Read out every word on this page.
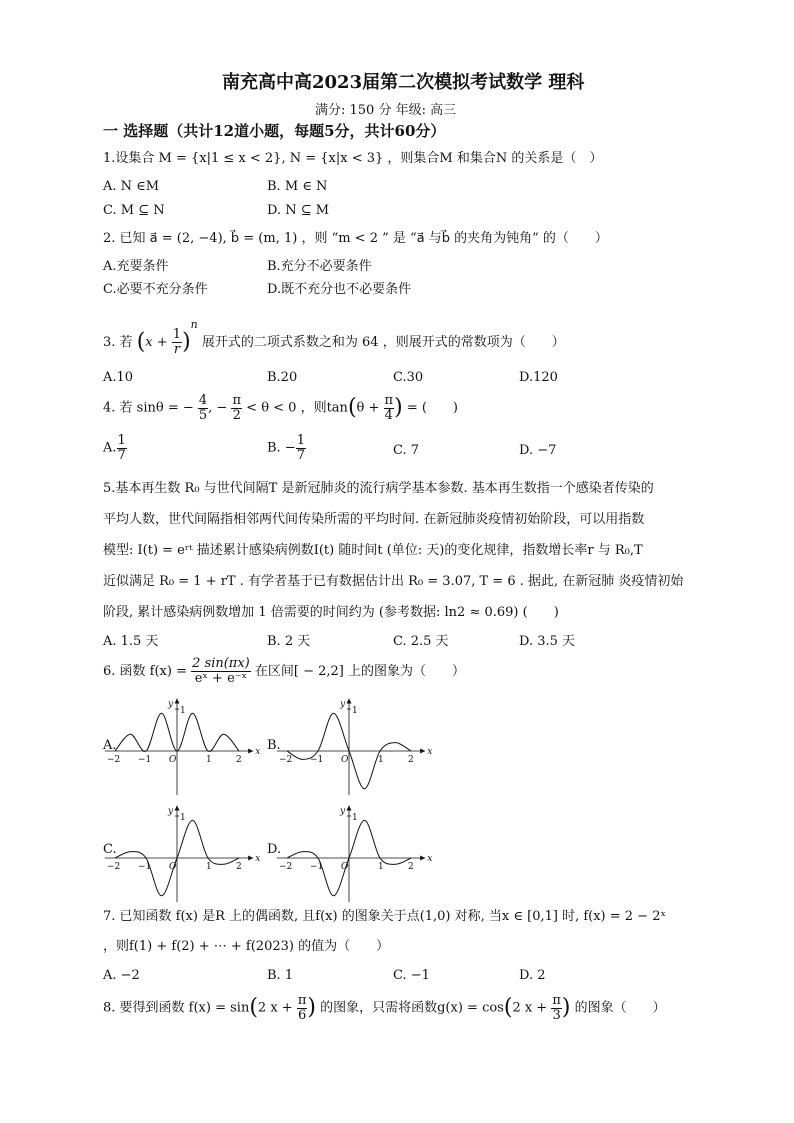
南充高中高2023届第二次模拟考试数学 理科
满分: 150 分 年级: 高三
一 选择题（共计12道小题，每题5分，共计60分）
1.设集合 M = {x|1 ≤ x < 2}, N = {x|x < 3} ，则集合M 和集合N 的关系是（　）
A. N ∈M	B. M ∈ N
C. M ⊆ N	D. N ⊆ M
2. 已知 a⃗ = (2, −4), b⃗ = (m, 1) ，则 “m < 2 ” 是 “a⃗ 与b⃗ 的夹角为钝角” 的（　　）
A.充要条件	B.充分不必要条件
C.必要不充分条件	D.既不充分也不必要条件
3. 若 $(x + \frac{1}{r} )^n$ 展开式的二项式系数之和为 64 ，则展开式的常数项为（　　）
A.10	B.20	C.30	D.120
4. 若 sinθ = − $\frac{4}{5}$ , − $\frac{\pi}{2} < \theta < 0$ ，则$\tan(\theta + \frac{\pi}{4}$ ) = (　　)
A. $\frac{1}{7}$	B. − $\frac{1}{7}$	C. 7	D. −7
5.基本再生数 R₀ 与世代间隔T 是新冠肺炎的流行病学基本参数. 基本再生数指一个感染者传染的
平均人数，世代间隔指相邻两代间传染所需的平均时间. 在新冠肺炎疫情初始阶段，可以用指数
模型: I(t) = eʳᵗ 描述累计感染病例数I(t) 随时间t (单位: 天)的变化规律，指数增长率r 与 R₀,T
近似满足 R₀ = 1 + rT . 有学者基于已有数据估计出 R₀ = 3.07, T = 6 . 据此, 在新冠肺 炎疫情初始
阶段, 累计感染病例数增加 1 倍需要的时间约为 (参考数据: ln2 ≈ 0.69) (　　)
A. 1.5 天	B. 2 天	C. 2.5 天	D. 3.5 天
6. 函数 $f(x) = \frac{2 \sin(\pi x)}{\text{eˣ + e⁻ˣ}}$ 在区间[ − 2,2] 上的图象为（　　）
A.	B.
C.	D.
x
y
O
−2 −1	1	2
1
x
y
O
−2 −1	1	2
1
x
y
O
−2 −1	1	2
1
x
y
O
−2 −1	1	2
1
7. 已知函数 f(x) 是R 上的偶函数, 且f(x) 的图象关于点(1,0) 对称, 当x ∈ [0,1] 时, f(x) = 2 − 2ˣ
，则f(1) + f(2) + ⋯ + f(2023) 的值为（　　）
A. −2	B. 1	C. −1	D. 2
8. 要得到函数 f(x) = sin(2 $x + \frac{\pi}{6}$ ) 的图象，只需将函数g(x) = cos(2 $x + \frac{\pi}{3}$ ) 的图象（　　）
